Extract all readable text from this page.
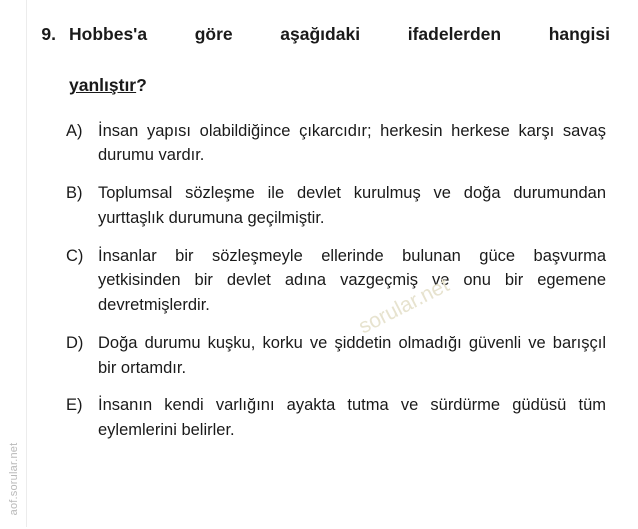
aof.sorular.net
sorular.net
9. Hobbes'a göre aşağıdaki ifadelerden hangisi
yanlıştır?
A) İnsan yapısı olabildiğince çıkarcıdır; herkesin herkese karşı savaş durumu vardır.
B) Toplumsal sözleşme ile devlet kurulmuş ve doğa durumundan yurttaşlık durumuna geçilmiştir.
C) İnsanlar bir sözleşmeyle ellerinde bulunan güce başvurma yetkisinden bir devlet adına vazgeçmiş ve onu bir egemene devretmişlerdir.
D) Doğa durumu kuşku, korku ve şiddetin olmadığı güvenli ve barışçıl bir ortamdır.
E) İnsanın kendi varlığını ayakta tutma ve sürdürme güdüsü tüm eylemlerini belirler.
